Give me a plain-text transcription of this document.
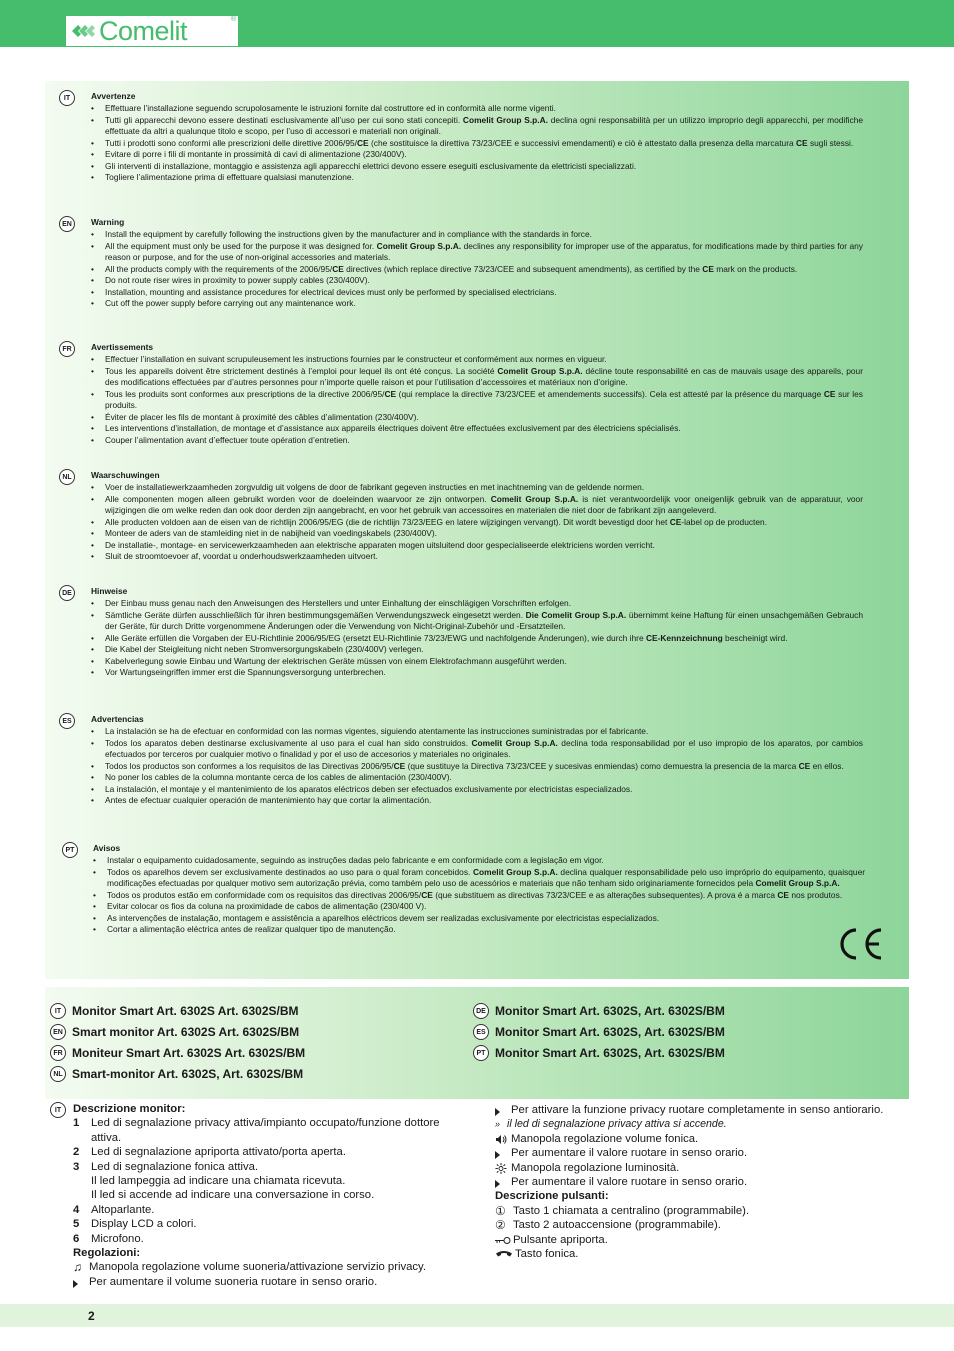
Comelit	®
IT	Avvertenze
• Effettuare l’installazione seguendo scrupolosamente le istruzioni fornite dal costruttore ed in conformità alle norme vigenti.
• Tutti gli apparecchi devono essere destinati esclusivamente all’uso per cui sono stati concepiti. Comelit Group S.p.A. declina ogni responsabilità per un utilizzo improprio degli apparecchi, per modifiche effettuate da altri a qualunque titolo e scopo, per l’uso di accessori e materiali non originali.
• Tutti i prodotti sono conformi alle prescrizioni delle direttive 2006/95/CE (che sostituisce la direttiva 73/23/CEE e successivi emendamenti) e ciò è attestato dalla presenza della marcatura CE sugli stessi.
• Evitare di porre i fili di montante in prossimità di cavi di alimentazione (230/400V).
• Gli interventi di installazione, montaggio e assistenza agli apparecchi elettrici devono essere eseguiti esclusivamente da elettricisti specializzati.
• Togliere l’alimentazione prima di effettuare qualsiasi manutenzione.
EN	Warning
• Install the equipment by carefully following the instructions given by the manufacturer and in compliance with the standards in force.
• All the equipment must only be used for the purpose it was designed for. Comelit Group S.p.A. declines any responsibility for improper use of the apparatus, for modifications made by third parties for any reason or purpose, and for the use of non-original accessories and materials.
• All the products comply with the requirements of the 2006/95/CE directives (which replace directive 73/23/CEE and subsequent amendments), as certified by the CE mark on the products.
• Do not route riser wires in proximity to power supply cables (230/400V).
• Installation, mounting and assistance procedures for electrical devices must only be performed by specialised electricians.
• Cut off the power supply before carrying out any maintenance work.
FR	Avertissements
• Effectuer l’installation en suivant scrupuleusement les instructions fournies par le constructeur et conformément aux normes en vigueur.
• Tous les appareils doivent être strictement destinés à l’emploi pour lequel ils ont été conçus. La société Comelit Group S.p.A. décline toute responsabilité en cas de mauvais usage des appareils, pour des modifications effectuées par d’autres personnes pour n’importe quelle raison et pour l’utilisation d’accessoires et matériaux non d’origine.
• Tous les produits sont conformes aux prescriptions de la directive 2006/95/CE (qui remplace la directive 73/23/CEE et amendements successifs). Cela est attesté par la présence du marquage CE sur les produits.
• Éviter de placer les fils de montant à proximité des câbles d’alimentation (230/400V).
• Les interventions d’installation, de montage et d’assistance aux appareils électriques doivent être effectuées exclusivement par des électriciens spécialisés.
• Couper l’alimentation avant d’effectuer toute opération d’entretien.
NL	Waarschuwingen
• Voer de installatiewerkzaamheden zorgvuldig uit volgens de door de fabrikant gegeven instructies en met inachtneming van de geldende normen.
• Alle componenten mogen alleen gebruikt worden voor de doeleinden waarvoor ze zijn ontworpen. Comelit Group S.p.A. is niet verantwoordelijk voor oneigenlijk gebruik van de apparatuur, voor wijzigingen die om welke reden dan ook door derden zijn aangebracht, en voor het gebruik van accessoires en materialen die niet door de fabrikant zijn aangeleverd.
• Alle producten voldoen aan de eisen van de richtlijn 2006/95/EG (die de richtlijn 73/23/EEG en latere wijzigingen vervangt). Dit wordt bevestigd door het CE-label op de producten.
• Monteer de aders van de stamleiding niet in de nabijheid van voedingskabels (230/400V).
• De installatie-, montage- en servicewerkzaamheden aan elektrische apparaten mogen uitsluitend door gespecialiseerde elektriciens worden verricht.
• Sluit de stroomtoevoer af, voordat u onderhoudswerkzaamheden uitvoert.
DE	Hinweise
• Der Einbau muss genau nach den Anweisungen des Herstellers und unter Einhaltung der einschlägigen Vorschriften erfolgen.
• Sämtliche Geräte dürfen ausschließlich für ihren bestimmungsgemäßen Verwendungszweck eingesetzt werden. Die Comelit Group S.p.A. übernimmt keine Haftung für einen unsachgemäßen Gebrauch der Geräte, für durch Dritte vorgenommene Änderungen oder die Verwendung von Nicht-Original-Zubehör und -Ersatzteilen.
• Alle Geräte erfüllen die Vorgaben der EU-Richtlinie 2006/95/EG (ersetzt EU-Richtlinie 73/23/EWG und nachfolgende Änderungen), wie durch ihre CE-Kennzeichnung bescheinigt wird.
• Die Kabel der Steigleitung nicht neben Stromversorgungskabeln (230/400V) verlegen.
• Kabelverlegung sowie Einbau und Wartung der elektrischen Geräte müssen von einem Elektrofachmann ausgeführt werden.
• Vor Wartungseingriffen immer erst die Spannungsversorgung unterbrechen.
ES	Advertencias
• La instalación se ha de efectuar en conformidad con las normas vigentes, siguiendo atentamente las instrucciones suministradas por el fabricante.
• Todos los aparatos deben destinarse exclusivamente al uso para el cual han sido construidos. Comelit Group S.p.A. declina toda responsabilidad por el uso impropio de los aparatos, por cambios efectuados por terceros por cualquier motivo o finalidad y por el uso de accesorios y materiales no originales.
• Todos los productos son conformes a los requisitos de las Directivas 2006/95/CE (que sustituye la Directiva 73/23/CEE y sucesivas enmiendas) como demuestra la presencia de la marca CE en ellos.
• No poner los cables de la columna montante cerca de los cables de alimentación (230/400V).
• La instalación, el montaje y el mantenimiento de los aparatos eléctricos deben ser efectuados exclusivamente por electricistas especializados.
• Antes de efectuar cualquier operación de mantenimiento hay que cortar la alimentación.
PT	Avisos
• Instalar o equipamento cuidadosamente, seguindo as instruções dadas pelo fabricante e em conformidade com a legislação em vigor.
• Todos os aparelhos devem ser exclusivamente destinados ao uso para o qual foram concebidos. Comelit Group S.p.A. declina qualquer responsabilidade pelo uso impróprio do equipamento, quaisquer modificações efectuadas por qualquer motivo sem autorização prévia, como também pelo uso de acessórios e materiais que não tenham sido originariamente fornecidos pela Comelit Group S.p.A.
• Todos os produtos estão em conformidade com os requisitos das directivas 2006/95/CE (que substituem as directivas 73/23/CEE e as alterações subsequentes). A prova é a marca CE nos produtos.
• Evitar colocar os fios da coluna na proximidade de cabos de alimentação (230/400 V).
• As intervenções de instalação, montagem e assistência a aparelhos eléctricos devem ser realizadas exclusivamente por electricistas especializados.
• Cortar a alimentação eléctrica antes de realizar qualquer tipo de manutenção.
IT Monitor Smart Art. 6302S Art. 6302S/BM
EN Smart monitor Art. 6302S Art. 6302S/BM
FR Moniteur Smart Art. 6302S Art. 6302S/BM
NL Smart-monitor Art. 6302S, Art. 6302S/BM
DE Monitor Smart Art. 6302S, Art. 6302S/BM
ES Monitor Smart Art. 6302S, Art. 6302S/BM
PT Monitor Smart Art. 6302S, Art. 6302S/BM
IT	Descrizione monitor:
1 Led di segnalazione privacy attiva/impianto occupato/funzione dottore attiva.
2 Led di segnalazione apriporta attivato/porta aperta.
3 Led di segnalazione fonica attiva.
Il led lampeggia ad indicare una chiamata ricevuta.
Il led si accende ad indicare una conversazione in corso.
4 Altoparlante.
5 Display LCD a colori.
6 Microfono.
Regolazioni:
♫ Manopola regolazione volume suoneria/attivazione servizio privacy.
Per aumentare il volume suoneria ruotare in senso orario.
Per attivare la funzione privacy ruotare completamente in senso antiorario.
» il led di segnalazione privacy attiva si accende.
Manopola regolazione volume fonica.
Per aumentare il valore ruotare in senso orario.
Manopola regolazione luminosità.
Per aumentare il valore ruotare in senso orario.
Descrizione pulsanti:
① Tasto 1 chiamata a centralino (programmabile).
② Tasto 2 autoaccensione (programmabile).
Pulsante apriporta.
Tasto fonica.
2
